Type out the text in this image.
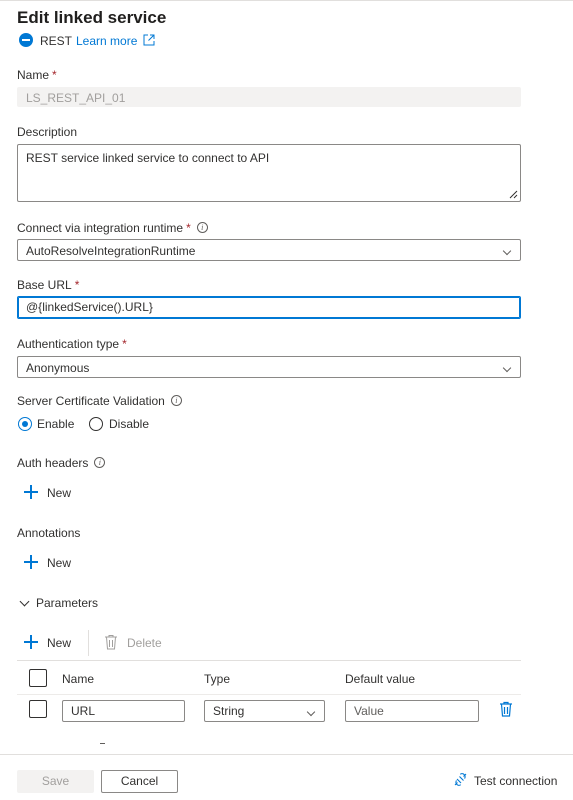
Edit linked service
REST Learn more
Name *
LS_REST_API_01
Description
REST service linked service to connect to API
Connect via integration runtime * i
AutoResolveIntegrationRuntime
Base URL *
@{linkedService().URL}
Authentication type *
Anonymous
Server Certificate Validation i
Enable	Disable
Auth headers i
New
Annotations
New
Parameters
New	Delete
Name	Type	Default value
URL	String	Value
Save	Cancel	Test connection
